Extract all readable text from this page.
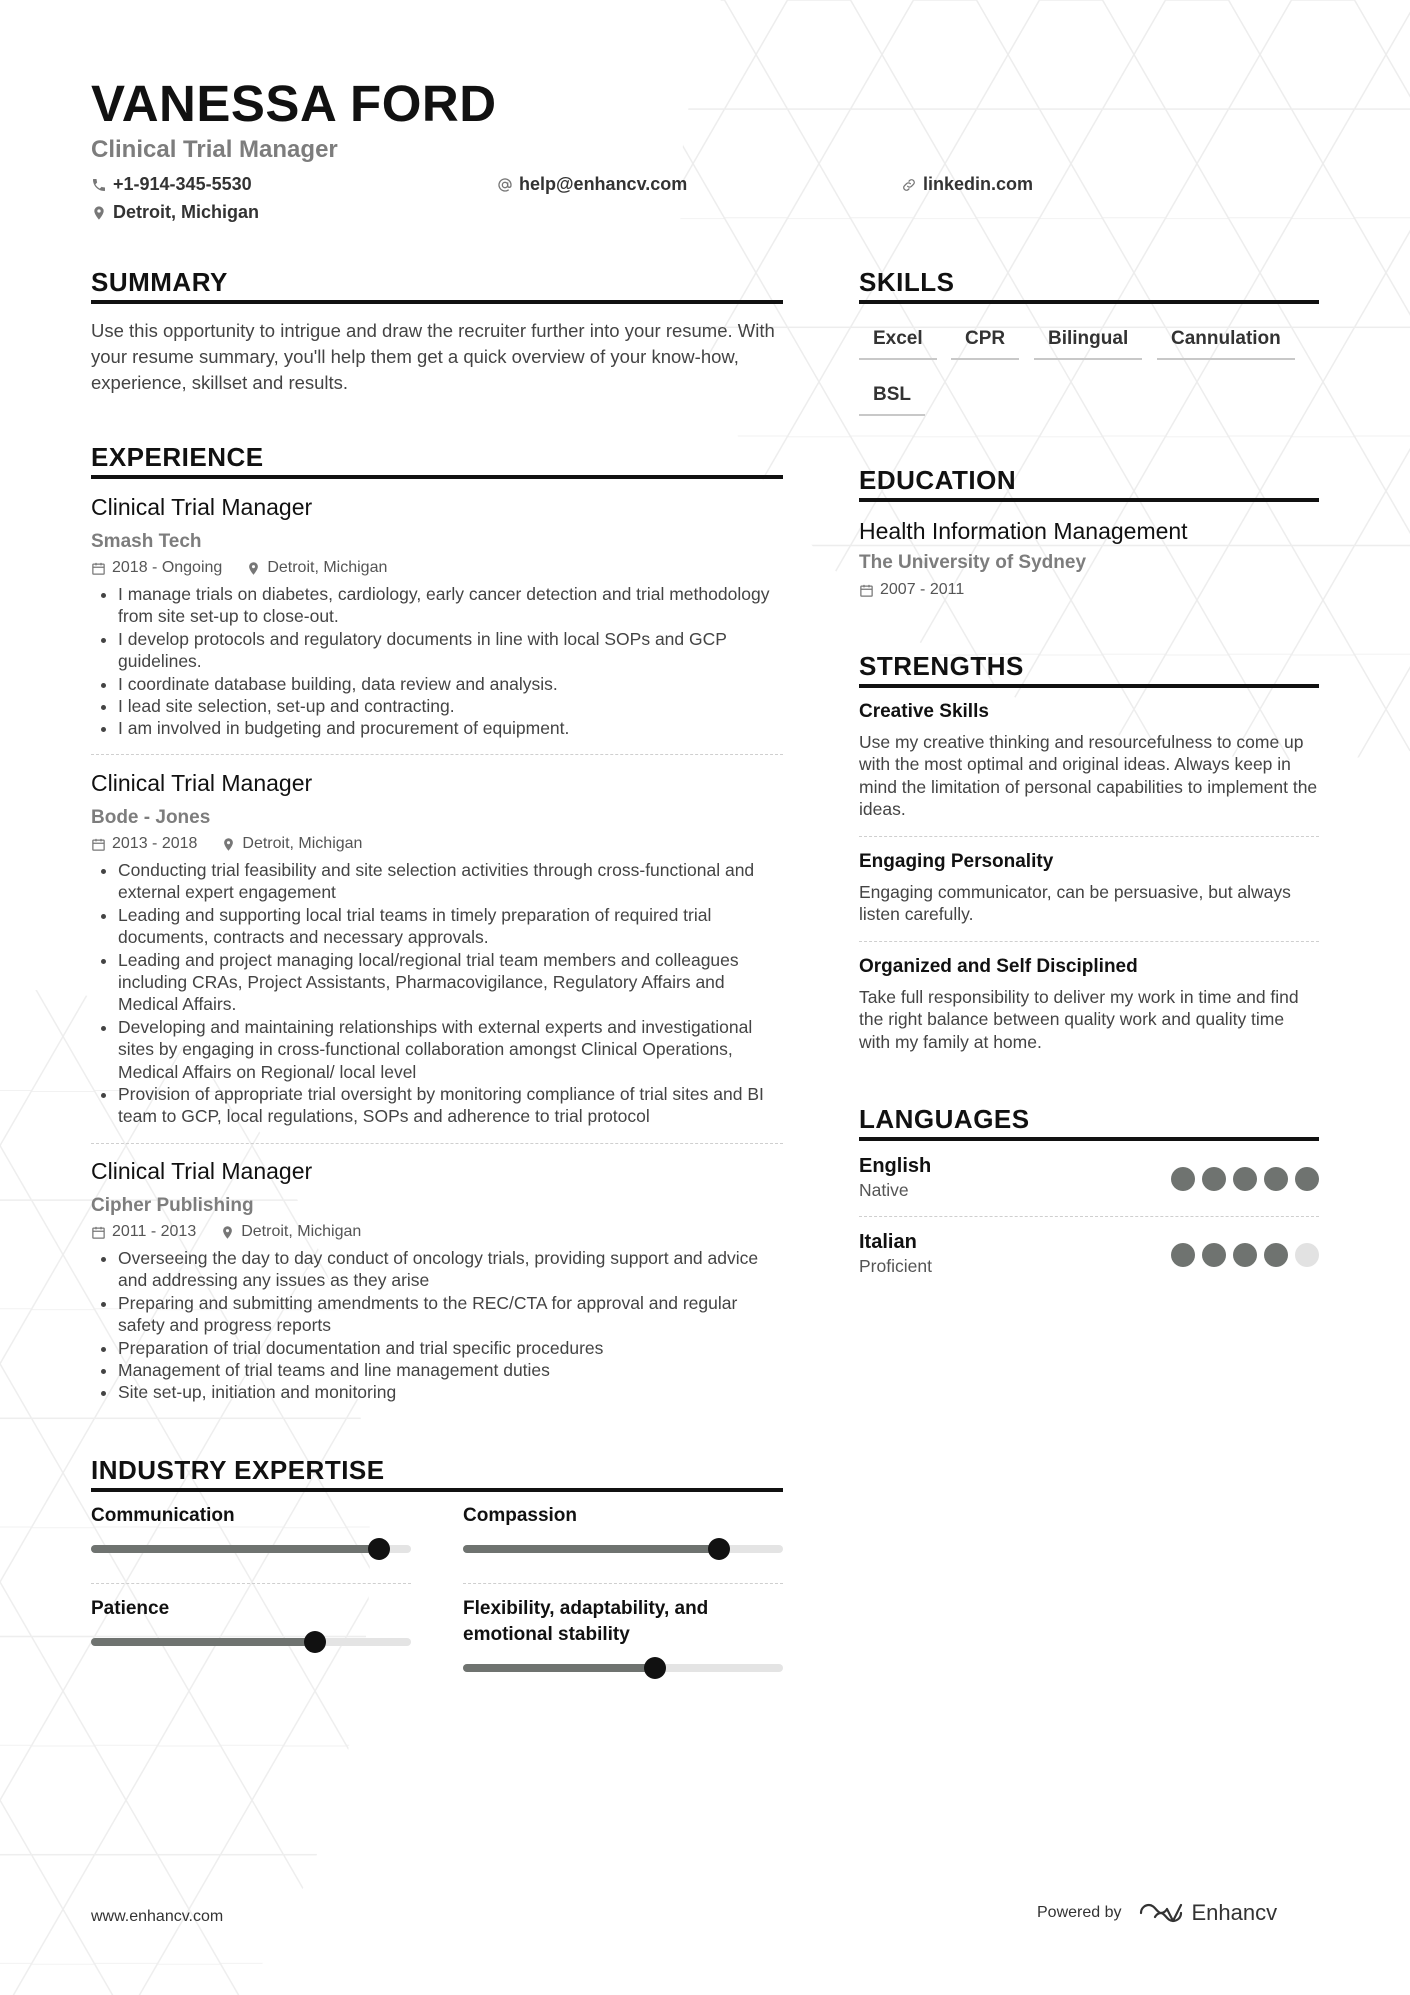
VANESSA FORD
Clinical Trial Manager
+1-914-345-5530	help@enhancv.com	linkedin.com
Detroit, Michigan
SUMMARY
Use this opportunity to intrigue and draw the recruiter further into your resume. With your resume summary, you'll help them get a quick overview of your know-how, experience, skillset and results.
EXPERIENCE
Clinical Trial Manager
Smash Tech
2018 - Ongoing	Detroit, Michigan
• I manage trials on diabetes, cardiology, early cancer detection and trial methodology from site set-up to close-out.
• I develop protocols and regulatory documents in line with local SOPs and GCP guidelines.
• I coordinate database building, data review and analysis.
• I lead site selection, set-up and contracting.
• I am involved in budgeting and procurement of equipment.
Clinical Trial Manager
Bode - Jones
2013 - 2018	Detroit, Michigan
• Conducting trial feasibility and site selection activities through cross-functional and external expert engagement
• Leading and supporting local trial teams in timely preparation of required trial documents, contracts and necessary approvals.
• Leading and project managing local/regional trial team members and colleagues including CRAs, Project Assistants, Pharmacovigilance, Regulatory Affairs and Medical Affairs.
• Developing and maintaining relationships with external experts and investigational sites by engaging in cross-functional collaboration amongst Clinical Operations, Medical Affairs on Regional/ local level
• Provision of appropriate trial oversight by monitoring compliance of trial sites and BI team to GCP, local regulations, SOPs and adherence to trial protocol
Clinical Trial Manager
Cipher Publishing
2011 - 2013	Detroit, Michigan
• Overseeing the day to day conduct of oncology trials, providing support and advice and addressing any issues as they arise
• Preparing and submitting amendments to the REC/CTA for approval and regular safety and progress reports
• Preparation of trial documentation and trial specific procedures
• Management of trial teams and line management duties
• Site set-up, initiation and monitoring
INDUSTRY EXPERTISE
Communication	Compassion
Patience	Flexibility, adaptability, and emotional stability
SKILLS
Excel	CPR	Bilingual	Cannulation
BSL
EDUCATION
Health Information Management
The University of Sydney
2007 - 2011
STRENGTHS
Creative Skills
Use my creative thinking and resourcefulness to come up with the most optimal and original ideas. Always keep in mind the limitation of personal capabilities to implement the ideas.
Engaging Personality
Engaging communicator, can be persuasive, but always listen carefully.
Organized and Self Disciplined
Take full responsibility to deliver my work in time and find the right balance between quality work and quality time with my family at home.
LANGUAGES
English
Native
Italian
Proficient
www.enhancv.com	Powered by	Enhancv
